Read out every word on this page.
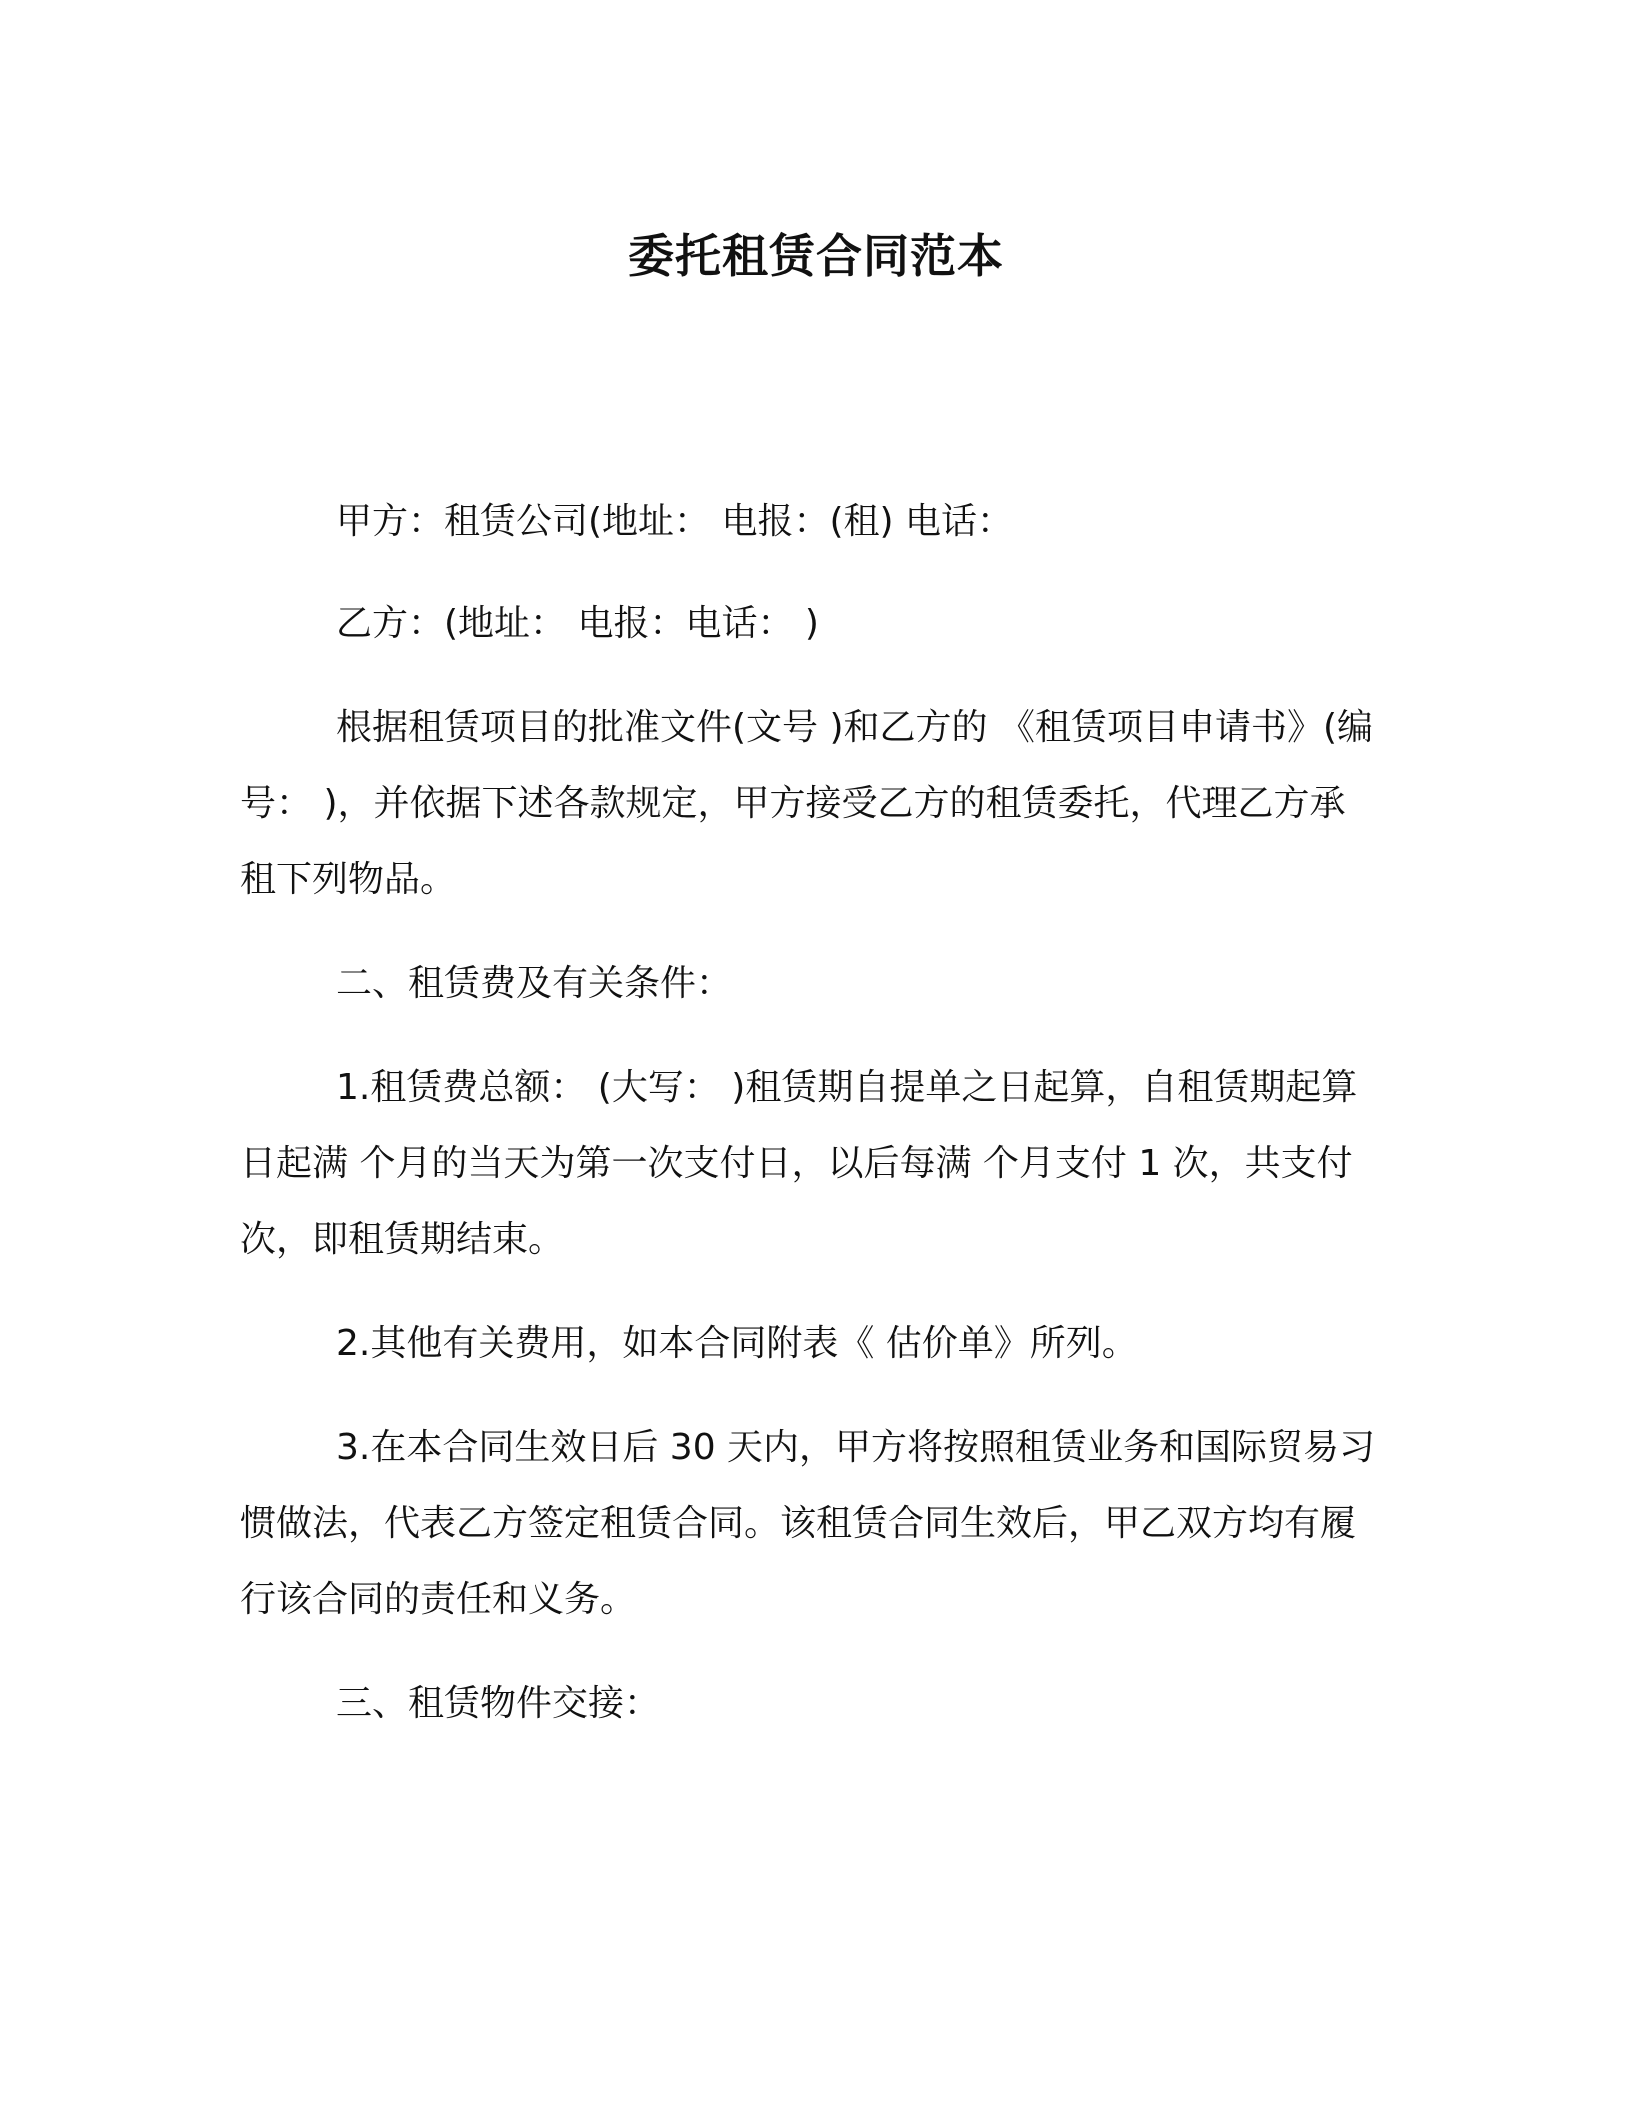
委托租赁合同范本

甲方：租赁公司(地址： 电报：(租) 电话：

乙方：(地址： 电报：电话： )

根据租赁项目的批准文件(文号 )和乙方的 《租赁项目申请书》(编号： )，并依据下述各款规定，甲方接受乙方的租赁委托，代理乙方承租下列物品。

二、租赁费及有关条件：

1.租赁费总额： (大写： )租赁期自提单之日起算，自租赁期起算日起满 个月的当天为第一次支付日，以后每满 个月支付 1 次，共支付 次，即租赁期结束。

2.其他有关费用，如本合同附表《 估价单》所列。

3.在本合同生效日后 30 天内，甲方将按照租赁业务和国际贸易习惯做法，代表乙方签定租赁合同。该租赁合同生效后，甲乙双方均有履行该合同的责任和义务。

三、租赁物件交接：
